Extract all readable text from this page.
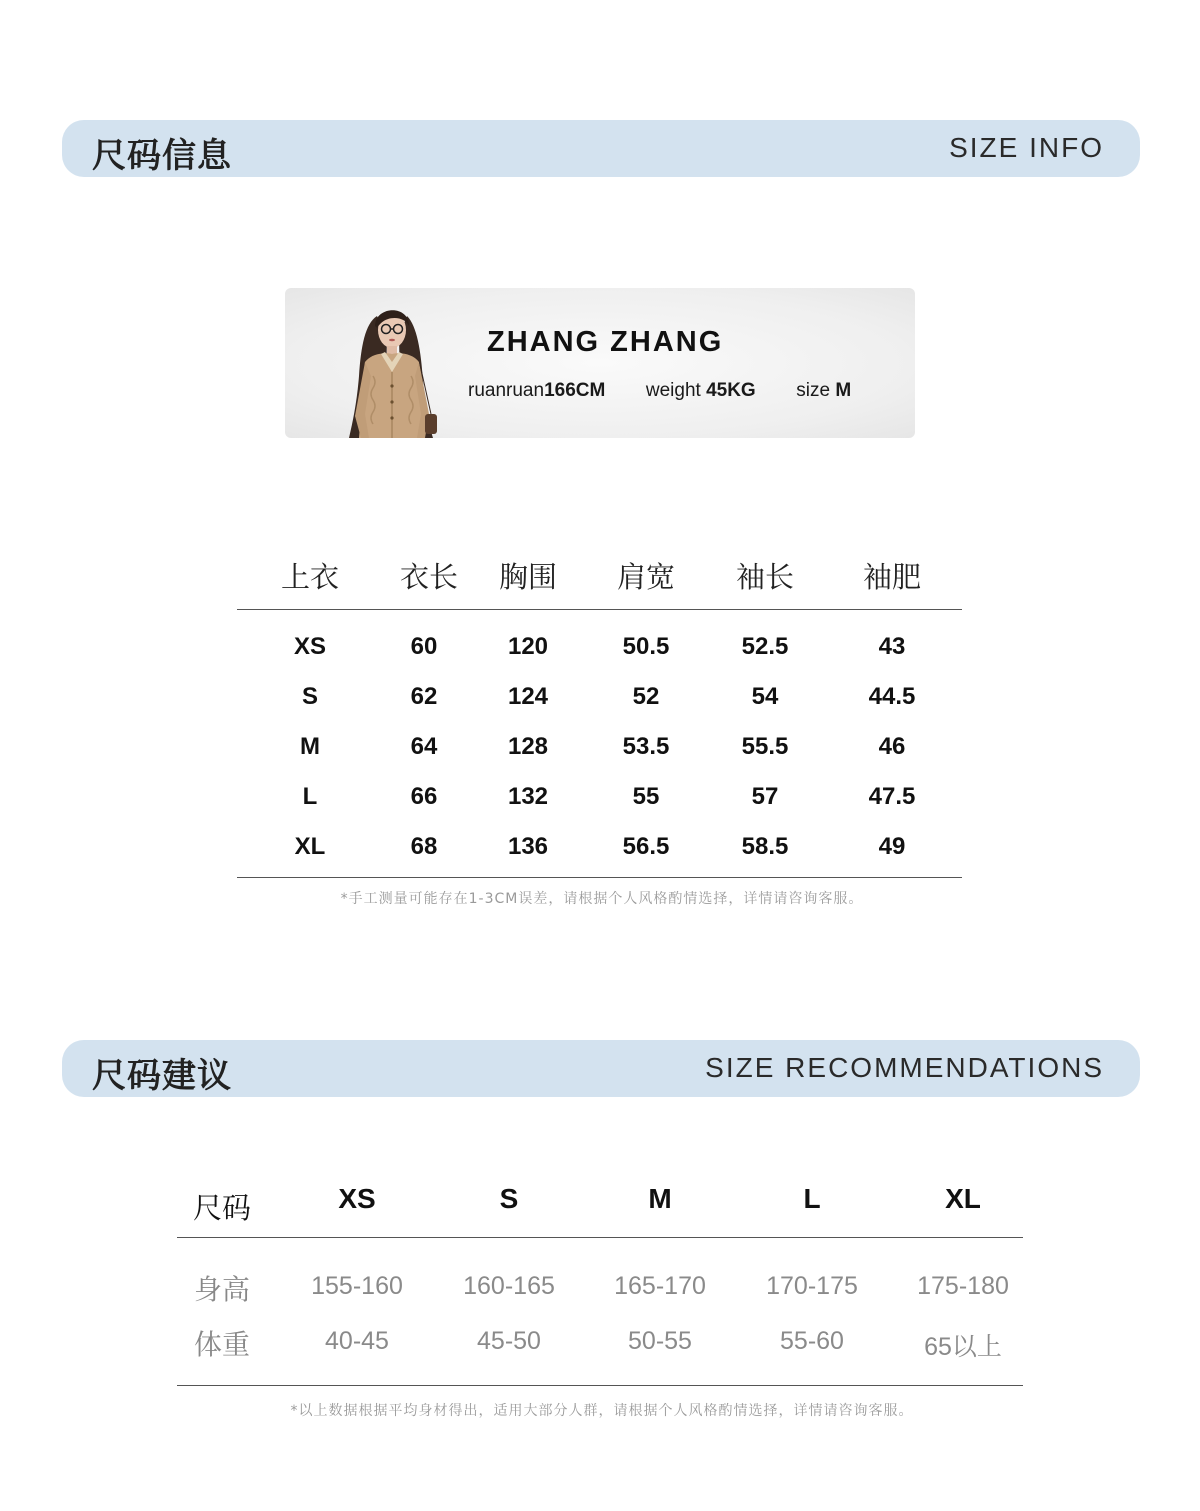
尺码信息	SIZE INFO
ZHANG ZHANG
ruanruan166CM weight 45KG size M
上衣 衣长 胸围 肩宽 袖长 袖肥
XS	60	120	50.5	52.5	43
S	62	124	52	54	44.5
M	64	128	53.5	55.5	46
L	66	132	55	57	47.5
XL	68	136	56.5	58.5	49
*手工测量可能存在1-3CM误差，请根据个人风格酌情选择，详情请咨询客服。
尺码建议	SIZE RECOMMENDATIONS
尺码	XS	S	M	L	XL
身高 155-160 160-165 165-170 170-175 175-180
体重	40-45	45-50	50-55	55-60	65以上
*以上数据根据平均身材得出，适用大部分人群，请根据个人风格酌情选择，详情请咨询客服。
